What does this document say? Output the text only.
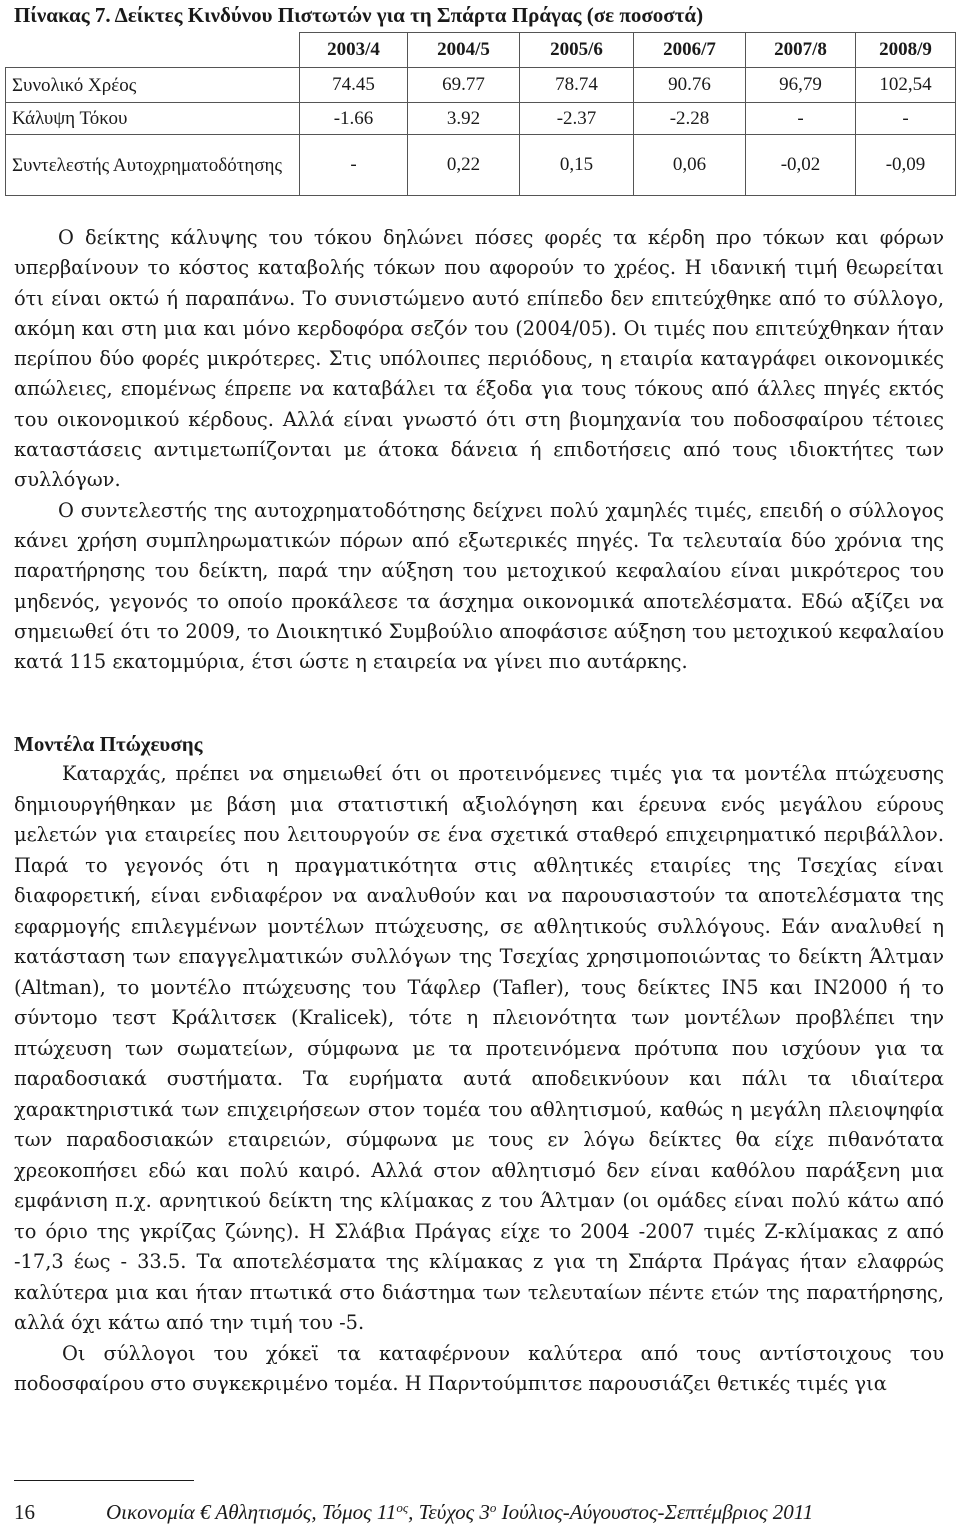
Πίνακας 7. Δείκτες Κινδύνου Πιστωτών για τη Σπάρτα Πράγας (σε ποσοστά)
	2003/4	2004/5	2005/6	2006/7	2007/8	2008/9
Συνολικό Χρέος	74.45	69.77	78.74	90.76	96,79	102,54
Κάλυψη Τόκου	-1.66	3.92	-2.37	-2.28	-	-
Συντελεστής Αυτοχρηματοδότησης	-	0,22	0,15	0,06	-0,02	-0,09

Ο δείκτης κάλυψης του τόκου δηλώνει πόσες φορές τα κέρδη προ τόκων και φόρων υπερβαίνουν το κόστος καταβολής τόκων που αφορούν το χρέος. Η ιδανική τιμή θεωρείται ότι είναι οκτώ ή παραπάνω. Το συνιστώμενο αυτό επίπεδο δεν επιτεύχθηκε από το σύλλογο, ακόμη και στη μια και μόνο κερδοφόρα σεζόν του (2004/05). Οι τιμές που επιτεύχθηκαν ήταν περίπου δύο φορές μικρότερες. Στις υπόλοιπες περιόδους, η εταιρία καταγράφει οικονομικές απώλειες, επομένως έπρεπε να καταβάλει τα έξοδα για τους τόκους από άλλες πηγές εκτός του οικονομικού κέρδους. Αλλά είναι γνωστό ότι στη βιομηχανία του ποδοσφαίρου τέτοιες καταστάσεις αντιμετωπίζονται με άτοκα δάνεια ή επιδοτήσεις από τους ιδιοκτήτες των συλλόγων.

Ο συντελεστής της αυτοχρηματοδότησης δείχνει πολύ χαμηλές τιμές, επειδή ο σύλλογος κάνει χρήση συμπληρωματικών πόρων από εξωτερικές πηγές. Τα τελευταία δύο χρόνια της παρατήρησης του δείκτη, παρά την αύξηση του μετοχικού κεφαλαίου είναι μικρότερος του μηδενός, γεγονός το οποίο προκάλεσε τα άσχημα οικονομικά αποτελέσματα. Εδώ αξίζει να σημειωθεί ότι το 2009, το Διοικητικό Συμβούλιο αποφάσισε αύξηση του μετοχικού κεφαλαίου κατά 115 εκατομμύρια, έτσι ώστε η εταιρεία να γίνει πιο αυτάρκης.

Μοντέλα Πτώχευσης

Καταρχάς, πρέπει να σημειωθεί ότι οι προτεινόμενες τιμές για τα μοντέλα πτώχευσης δημιουργήθηκαν με βάση μια στατιστική αξιολόγηση και έρευνα ενός μεγάλου εύρους μελετών για εταιρείες που λειτουργούν σε ένα σχετικά σταθερό επιχειρηματικό περιβάλλον. Παρά το γεγονός ότι η πραγματικότητα στις αθλητικές εταιρίες της Τσεχίας είναι διαφορετική, είναι ενδιαφέρον να αναλυθούν και να παρουσιαστούν τα αποτελέσματα της εφαρμογής επιλεγμένων μοντέλων πτώχευσης, σε αθλητικούς συλλόγους. Εάν αναλυθεί η κατάσταση των επαγγελματικών συλλόγων της Τσεχίας χρησιμοποιώντας το δείκτη Άλτμαν (Altman), το μοντέλο πτώχευσης του Τάφλερ (Tafler), τους δείκτες IN5 και IN2000 ή το σύντομο τεστ Κράλιτσεκ (Kralicek), τότε η πλειονότητα των μοντέλων προβλέπει την πτώχευση των σωματείων, σύμφωνα με τα προτεινόμενα πρότυπα που ισχύουν για τα παραδοσιακά συστήματα. Τα ευρήματα αυτά αποδεικνύουν και πάλι τα ιδιαίτερα χαρακτηριστικά των επιχειρήσεων στον τομέα του αθλητισμού, καθώς η μεγάλη πλειοψηφία των παραδοσιακών εταιρειών, σύμφωνα με τους εν λόγω δείκτες θα είχε πιθανότατα χρεοκοπήσει εδώ και πολύ καιρό. Αλλά στον αθλητισμό δεν είναι καθόλου παράξενη μια εμφάνιση π.χ. αρνητικού δείκτη της κλίμακας z του Άλτμαν (οι ομάδες είναι πολύ κάτω από το όριο της γκρίζας ζώνης). Η Σλάβια Πράγας είχε το 2004 -2007 τιμές Z-κλίμακας z από -17,3 έως - 33.5. Τα αποτελέσματα της κλίμακας z για τη Σπάρτα Πράγας ήταν ελαφρώς καλύτερα μια και ήταν πτωτικά στο διάστημα των τελευταίων πέντε ετών της παρατήρησης, αλλά όχι κάτω από την τιμή του -5.

Οι σύλλογοι του χόκεϊ τα καταφέρνουν καλύτερα από τους αντίστοιχους του ποδοσφαίρου στο συγκεκριμένο τομέα. Η Παρντούμπιτσε παρουσιάζει θετικές τιμές για

16	Οικονομία € Αθλητισμός, Τόμος $11^{o\varsigma}$, Τεύχος $3^o$ Ιούλιος-Αύγουστος-Σεπτέμβριος 2011
